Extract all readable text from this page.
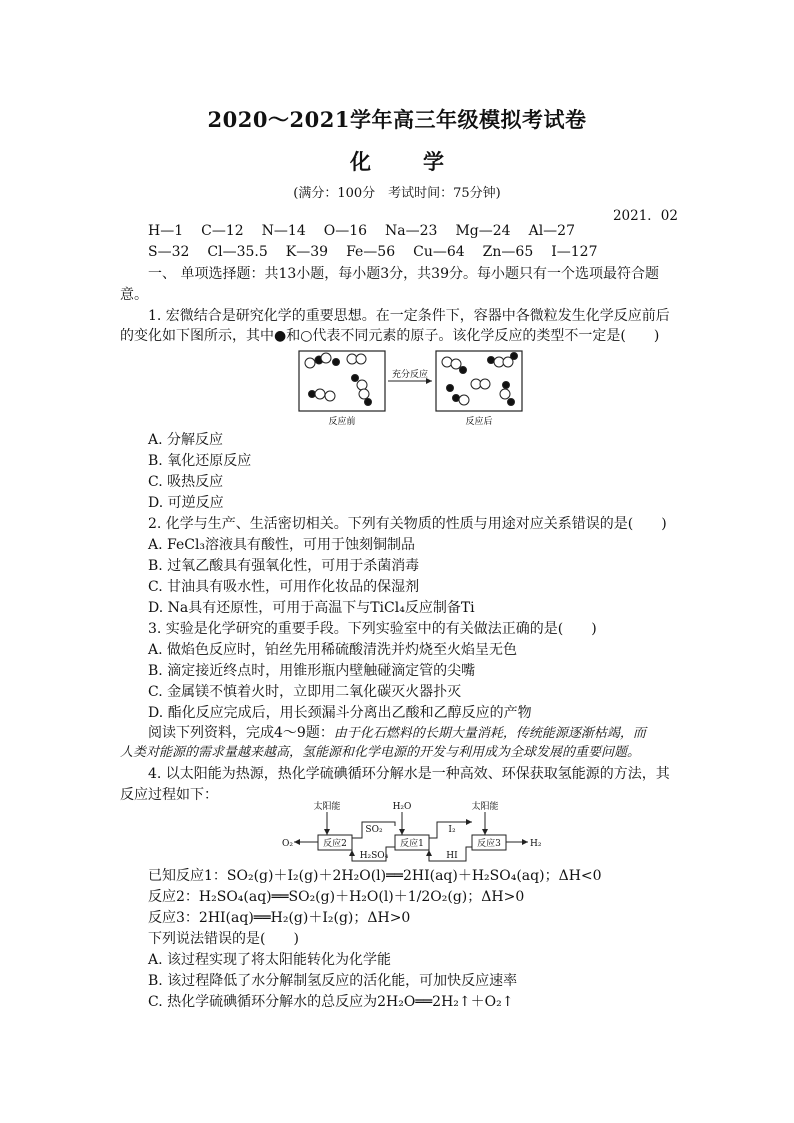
2020～2021学年高三年级模拟考试卷
化 学
(满分：100分　考试时间：75分钟)
2021．02
H—1 C—12 N—14 O—16 Na—23 Mg—24 Al—27
S—32 Cl—35.5 K—39 Fe—56 Cu—64 Zn—65 I—127
一、 单项选择题：共13小题，每小题3分，共39分。每小题只有一个选项最符合题
意。
1. 宏微结合是研究化学的重要思想。在一定条件下，容器中各微粒发生化学反应前后
的变化如下图所示，其中●和○代表不同元素的原子。该化学反应的类型不一定是(　　)
充分反应
反应前	反应后
A. 分解反应
B. 氧化还原反应
C. 吸热反应
D. 可逆反应
2. 化学与生产、生活密切相关。下列有关物质的性质与用途对应关系错误的是(　　)
A. FeCl₃溶液具有酸性，可用于蚀刻铜制品
B. 过氧乙酸具有强氧化性，可用于杀菌消毒
C. 甘油具有吸水性，可用作化妆品的保湿剂
D. Na具有还原性，可用于高温下与TiCl₄反应制备Ti
3. 实验是化学研究的重要手段。下列实验室中的有关做法正确的是(　　)
A. 做焰色反应时，铂丝先用稀硫酸清洗并灼烧至火焰呈无色
B. 滴定接近终点时，用锥形瓶内壁触碰滴定管的尖嘴
C. 金属镁不慎着火时，立即用二氧化碳灭火器扑灭
D. 酯化反应完成后，用长颈漏斗分离出乙酸和乙醇反应的产物
阅读下列资料，完成4～9题：由于化石燃料的长期大量消耗，传统能源逐渐枯竭，而
人类对能源的需求量越来越高，氢能源和化学电源的开发与利用成为全球发展的重要问题。
4. 以太阳能为热源，热化学硫碘循环分解水是一种高效、环保获取氢能源的方法，其
反应过程如下：
太阳能	H₂O	太阳能
SO₂
H₂SO₄
I₂
HI
O₂	H₂
反应2	反应1	反应3
已知反应1：SO₂(g)＋I₂(g)＋2H₂O(l)══2HI(aq)＋H₂SO₄(aq)；ΔH<0
反应2：H₂SO₄(aq)══SO₂(g)＋H₂O(l)＋1/2O₂(g)；ΔH>0
反应3：2HI(aq)══H₂(g)＋I₂(g)；ΔH>0
下列说法错误的是(　　)
A. 该过程实现了将太阳能转化为化学能
B. 该过程降低了水分解制氢反应的活化能，可加快反应速率
C. 热化学硫碘循环分解水的总反应为2H₂O══2H₂↑＋O₂↑
